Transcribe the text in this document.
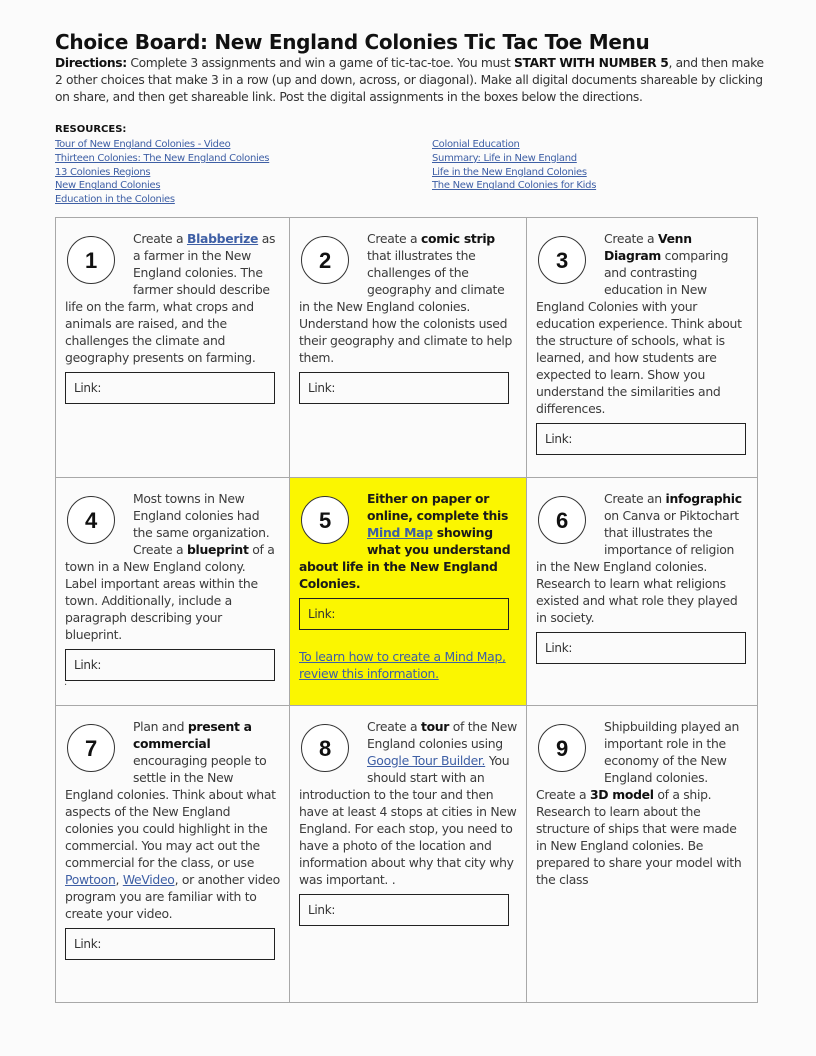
Choice Board: New England Colonies Tic Tac Toe Menu
Directions: Complete 3 assignments and win a game of tic-tac-toe. You must START WITH NUMBER 5, and then make 2 other choices that make 3 in a row (up and down, across, or diagonal). Make all digital documents shareable by clicking on share, and then get shareable link. Post the digital assignments in the boxes below the directions.
RESOURCES:
Tour of New England Colonies - Video
Thirteen Colonies: The New England Colonies
13 Colonies Regions
New England Colonies
Education in the Colonies
Colonial Education
Summary: Life in New England
Life in the New England Colonies
The New England Colonies for Kids
1
Create a Blabberize as a farmer in the New England colonies. The farmer should describe life on the farm, what crops and animals are raised, and the challenges the climate and geography presents on farming.
Link:
2
Create a comic strip that illustrates the challenges of the geography and climate in the New England colonies. Understand how the colonists used their geography and climate to help them.
Link:
3
Create a Venn Diagram comparing and contrasting education in New England Colonies with your education experience. Think about the structure of schools, what is learned, and how students are expected to learn. Show you understand the similarities and differences.
Link:
4
Most towns in New England colonies had the same organization. Create a blueprint of a town in a New England colony. Label important areas within the town. Additionally, include a paragraph describing your blueprint.
Link:
.
5
Either on paper or online, complete this Mind Map showing what you understand about life in the New England Colonies.
Link:
To learn how to create a Mind Map, review this information.
6
Create an infographic on Canva or Piktochart that illustrates the importance of religion in the New England colonies. Research to learn what religions existed and what role they played in society.
Link:
7
Plan and present a commercial encouraging people to settle in the New England colonies. Think about what aspects of the New England colonies you could highlight in the commercial. You may act out the commercial for the class, or use Powtoon, WeVideo, or another video program you are familiar with to create your video.
Link:
8
Create a tour of the New England colonies using Google Tour Builder. You should start with an introduction to the tour and then have at least 4 stops at cities in New England. For each stop, you need to have a photo of the location and information about why that city why was important. .
Link:
9
Shipbuilding played an important role in the economy of the New England colonies. Create a 3D model of a ship. Research to learn about the structure of ships that were made in New England colonies. Be prepared to share your model with the class
